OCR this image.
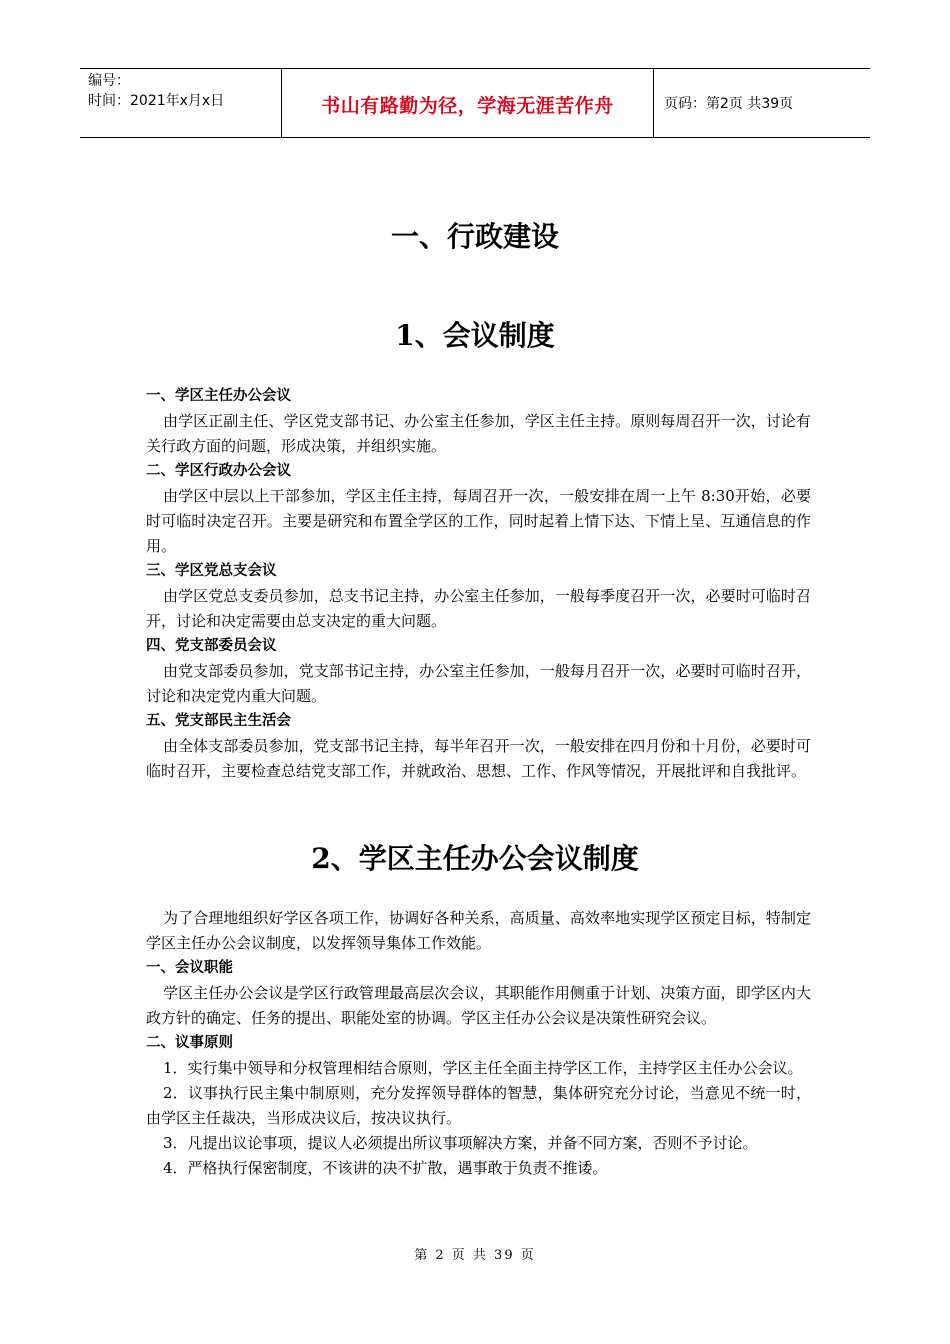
编号：
时间：2021年x月x日	书山有路勤为径，学海无涯苦作舟	页码：第2页 共39页
一、行政建设
1、会议制度

一、学区主任办公会议

由学区正副主任、学区党支部书记、办公室主任参加，学区主任主持。原则每周召开一次，讨论有关行政方面的问题，形成决策，并组织实施。

二、学区行政办公会议

由学区中层以上干部参加，学区主任主持，每周召开一次，一般安排在周一上午 8:30开始，必要时可临时决定召开。主要是研究和布置全学区的工作，同时起着上情下达、下情上呈、互通信息的作用。

三、学区党总支会议

由学区党总支委员参加，总支书记主持，办公室主任参加，一般每季度召开一次，必要时可临时召开，讨论和决定需要由总支决定的重大问题。

四、党支部委员会议

由党支部委员参加，党支部书记主持，办公室主任参加，一般每月召开一次，必要时可临时召开，讨论和决定党内重大问题。

五、党支部民主生活会

由全体支部委员参加，党支部书记主持，每半年召开一次，一般安排在四月份和十月份，必要时可临时召开，主要检查总结党支部工作，并就政治、思想、工作、作风等情况，开展批评和自我批评。

2、学区主任办公会议制度

为了合理地组织好学区各项工作，协调好各种关系，高质量、高效率地实现学区预定目标，特制定学区主任办公会议制度，以发挥领导集体工作效能。

一、会议职能

学区主任办公会议是学区行政管理最高层次会议，其职能作用侧重于计划、决策方面，即学区内大政方针的确定、任务的提出、职能处室的协调。学区主任办公会议是决策性研究会议。

二、议事原则

1．实行集中领导和分权管理相结合原则，学区主任全面主持学区工作，主持学区主任办公会议。

2．议事执行民主集中制原则，充分发挥领导群体的智慧，集体研究充分讨论，当意见不统一时，由学区主任裁决，当形成决议后，按决议执行。

3．凡提出议论事项，提议人必须提出所议事项解决方案，并备不同方案，否则不予讨论。

4．严格执行保密制度，不该讲的决不扩散，遇事敢于负责不推诿。

第 2 页 共 39 页
